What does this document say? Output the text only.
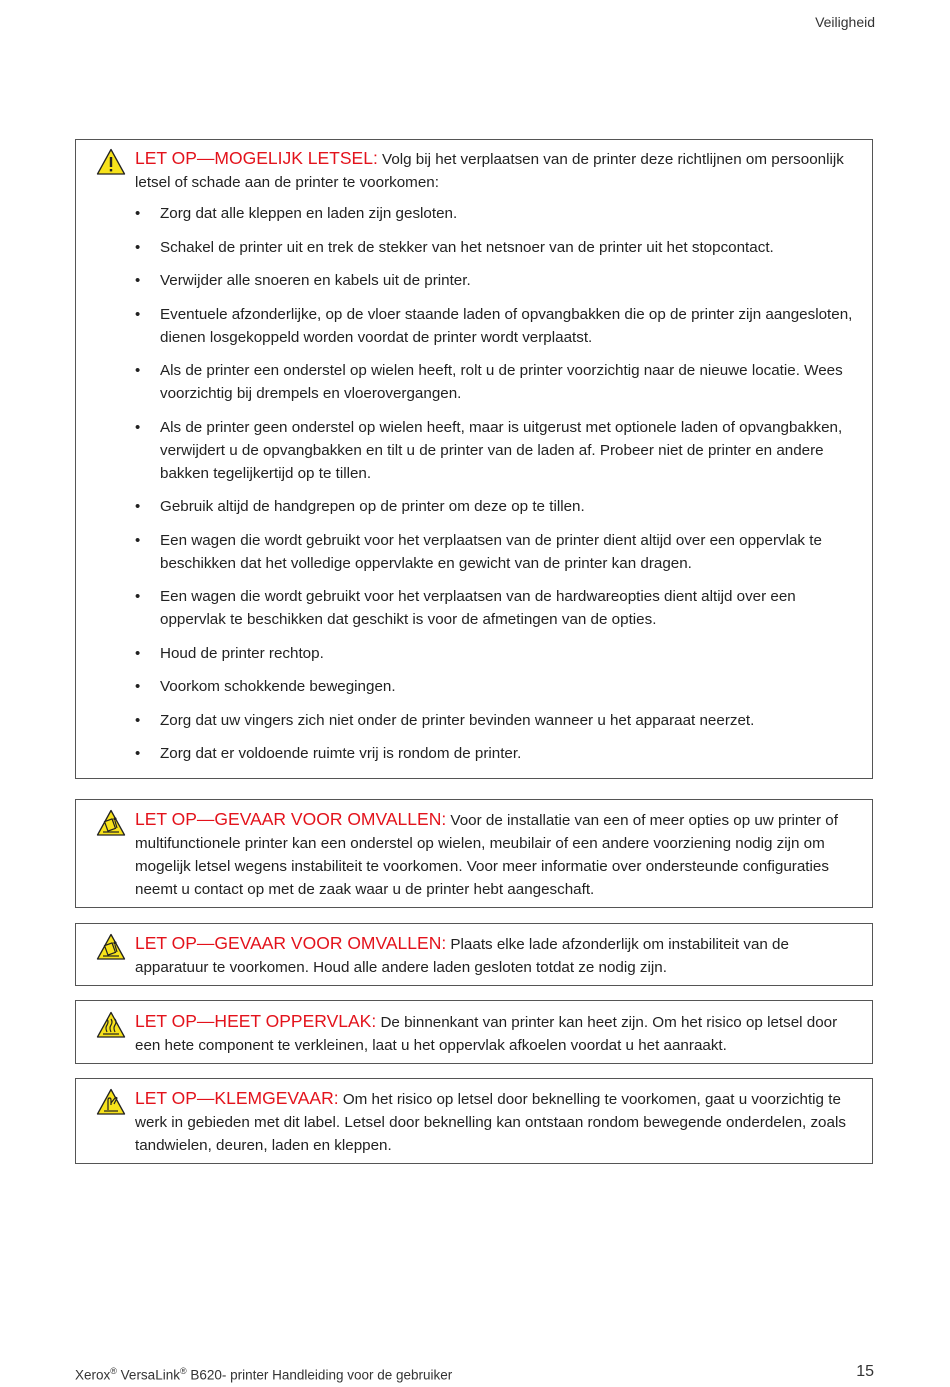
Veiligheid
LET OP—MOGELIJK LETSEL: Volg bij het verplaatsen van de printer deze richtlijnen om persoonlijk letsel of schade aan de printer te voorkomen:
• Zorg dat alle kleppen en laden zijn gesloten.
• Schakel de printer uit en trek de stekker van het netsnoer van de printer uit het stopcontact.
• Verwijder alle snoeren en kabels uit de printer.
• Eventuele afzonderlijke, op de vloer staande laden of opvangbakken die op de printer zijn aangesloten, dienen losgekoppeld worden voordat de printer wordt verplaatst.
• Als de printer een onderstel op wielen heeft, rolt u de printer voorzichtig naar de nieuwe locatie. Wees voorzichtig bij drempels en vloerovergangen.
• Als de printer geen onderstel op wielen heeft, maar is uitgerust met optionele laden of opvangbakken, verwijdert u de opvangbakken en tilt u de printer van de laden af. Probeer niet de printer en andere bakken tegelijkertijd op te tillen.
• Gebruik altijd de handgrepen op de printer om deze op te tillen.
• Een wagen die wordt gebruikt voor het verplaatsen van de printer dient altijd over een oppervlak te beschikken dat het volledige oppervlakte en gewicht van de printer kan dragen.
• Een wagen die wordt gebruikt voor het verplaatsen van de hardwareopties dient altijd over een oppervlak te beschikken dat geschikt is voor de afmetingen van de opties.
• Houd de printer rechtop.
• Voorkom schokkende bewegingen.
• Zorg dat uw vingers zich niet onder de printer bevinden wanneer u het apparaat neerzet.
• Zorg dat er voldoende ruimte vrij is rondom de printer.
LET OP—GEVAAR VOOR OMVALLEN: Voor de installatie van een of meer opties op uw printer of multifunctionele printer kan een onderstel op wielen, meubilair of een andere voorziening nodig zijn om mogelijk letsel wegens instabiliteit te voorkomen. Voor meer informatie over ondersteunde configuraties neemt u contact op met de zaak waar u de printer hebt aangeschaft.
LET OP—GEVAAR VOOR OMVALLEN: Plaats elke lade afzonderlijk om instabiliteit van de apparatuur te voorkomen. Houd alle andere laden gesloten totdat ze nodig zijn.
LET OP—HEET OPPERVLAK: De binnenkant van printer kan heet zijn. Om het risico op letsel door een hete component te verkleinen, laat u het oppervlak afkoelen voordat u het aanraakt.
LET OP—KLEMGEVAAR: Om het risico op letsel door beknelling te voorkomen, gaat u voorzichtig te werk in gebieden met dit label. Letsel door beknelling kan ontstaan rondom bewegende onderdelen, zoals tandwielen, deuren, laden en kleppen.
Xerox® VersaLink® B620- printer Handleiding voor de gebruiker	15
